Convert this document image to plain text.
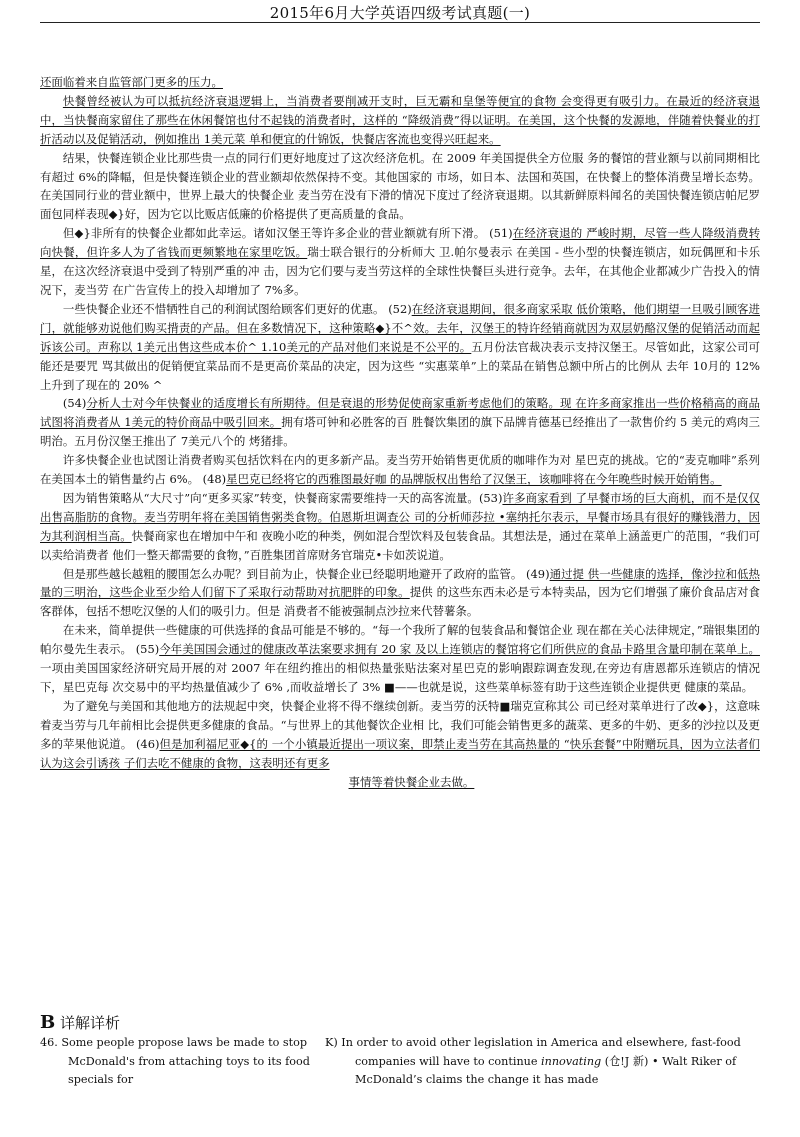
2015年6月大学英语四级考试真题(一)

还面临着来自监管部门更多的压力。

快餐曾经被认为可以抵抗经济衰退逻辑上，当消费者要削减开支时，巨无霸和皇堡等便宜的食物 会变得更有吸引力。在最近的经济衰退中，当快餐商家留住了那些在休闲餐馆也付不起钱的消费者时，这样的 “降级消费”得以证明。在美国，这个快餐的发源地，伴随着快餐业的打折活动以及促销活动，例如推出 1美元菜 单和便宜的什锦饭，快餐店客流也变得兴旺起来。

结果，快餐连锁企业比那些贵一点的同行们更好地度过了这次经济危机。在 2009 年美国提供全方位服 务的餐馆的营业额与以前同期相比有超过 6%的降幅，但是快餐连锁企业的营业额却依然保持不变。其他国家的 市场，如日本、法国和英国，在快餐上的整体消费呈增长态势。在美国同行业的营业额中，世界上最大的快餐企业 麦当劳在没有下滑的情况下度过了经济衰退期。以其新鲜原料闻名的美国快餐连锁店帕尼罗面包同样表现◆}好，因为它以比贩店低廉的价格提供了更高质量的食品。

但◆}非所有的快餐企业都如此幸运。诸如汉堡王等许多企业的营业额就有所下滑。 (51)在经济衰退的 严峻时期，尽管一些人降级消费转向快餐，但许多人为了省钱而更频繁地在家里吃饭。瑞士联合银行的分析师大 卫.帕尔曼表示 在美国 - 些小型的快餐连锁店，如玩偶匣和卡乐星，在这次经济衰退中受到了特别严重的冲 击，因为它们要与麦当劳这样的全球性快餐巨头进行竞争。去年，在其他企业都减少广告投入的情况下，麦当劳 在广告宣传上的投入却增加了 7%多。

一些快餐企业还不惜牺牲自己的利润试图给顾客们更好的优惠。 (52)在经济衰退期间，很多商家采取 低价策略，他们期望一旦吸引顾客进门，就能够劝说他们购买揹责的产品。但在多数情况下，这种策略◆}不^效。去年，汉堡王的特许经销商就因为双层奶酪汉堡的促销活动而起诉该公司。声称以 1美元出售这些成本价^ 1.10美元的产品对他们来说是不公平的。五月份法官裁决表示支持汉堡王。尽管如此，这家公司可能还是要咒 骂其做出的促销便宜菜品而不是更高价菜品的决定，因为这些 “实惠菜单”上的菜品在销售总额中所占的比例从 去年 10月的 12%上升到了现在的 20% ^

(54)分析人士对今年快餐业的适度增长有所期待。但是衰退的形势促使商家重新考虑他们的策略。现 在许多商家推出一些价格稍高的商品试图将消费者从 1美元的特价商品中吸引回来。拥有塔可钟和必胜客的百 胜餐饮集团的旗下品牌肯德基已经推出了一款售价约 5 美元的鸡肉三明治。五月份汉堡王推出了 7美元八个的 烤猪排。

许多快餐企业也试图让消费者购买包括饮料在内的更多新产品。麦当劳开始销售更优质的咖啡作为对 星巴克的挑战。它的“麦克咖啡”系列在美国本土的销售量约占 6%。 (48)星巴克已经将它的西雅图最好咖 的品牌版权出售给了汉堡王，该咖啡将在今年晚些时候开始销售。

因为销售策略从“大尺寸”向“更多买家”转变，快餐商家需要维持一天的高客流量。(53)许多商家看到 了早餐市场的巨大商机，而不是仅仅出售高脂肪的食物。麦当劳明年将在美国销售粥类食物。伯恩斯坦调查公 司的分析师莎拉 •塞纳托尔表示，早餐市场具有很好的赚钱潜力，因为其利润相当高。快餐商家也在增加中午和 夜晚小吃的种类，例如混合型饮料及包装食品。其想法是，通过在菜单上涵盖更广的范围，“我们可以卖给消费者 他们一整天都需要的食物，”百胜集团首席财务官瑞克•卡如茨说道。

但是那些越长越粗的腰围怎么办呢？到目前为止，快餐企业已经聪明地避开了政府的监管。 (49)通过提 供一些健康的选择，像沙拉和低热量的三明治，这些企业至少给人们留下了采取行动帮助对抗肥胖的印象。提供 的这些东西未必是亏本特卖品，因为它们增强了廉价食品店对食客群体，包括不想吃汉堡的人们的吸引力。但是 消费者不能被强制点沙拉来代替薯条。

在未来，简单提供一些健康的可供选择的食品可能是不够的。“每一个我所了解的包装食品和餐馆企业 现在都在关心法律规定，”瑞银集团的帕尔曼先生表示。 (55)今年美国国会通过的健康改革法案要求拥有 20 家 及以上连锁店的餐馆将它们所供应的食品卡路里含量印制在菜单上。一项由美国国家经济研究局开展的对 2007 年在纽约推出的相似热量张贴法案对星巴克的影响跟踪调查发现,在旁边有唐恩都乐连锁店的情况下，星巴克每 次交易中的平均热量值减少了 6% ,而收益增长了 3% ■——也就是说，这些菜单标签有助于这些连锁企业提供更 健康的菜品。

为了避免与美国和其他地方的法规起中突，快餐企业将不得不继续创新。麦当劳的沃特■瑞克宣称其公 司已经对菜单进行了改◆}，这意味着麦当劳与几年前相比会提供更多健康的食品。“与世界上的其他餐饮企业相 比，我们可能会销售更多的蔬菜、更多的牛奶、更多的沙拉以及更多的苹果他说道。 (46)但是加利福尼亚◆{的 一个小镇最近提出一项议案，即禁止麦当劳在其高热量的 “快乐套餐”中附赠玩具，因为立法者们认为这会引诱孩 子们去吃不健康的食物，这表明还有更多

事情等着快餐企业去做。

B 详解详析
46. Some people propose laws be made to stop
McDonald's from attaching toys to its food
specials for
K) In order to avoid other legislation in America and elsewhere, fast-food
companies will have to continue innovating (仓!J 新) • Walt Riker of
McDonald’s claims the change it has made
